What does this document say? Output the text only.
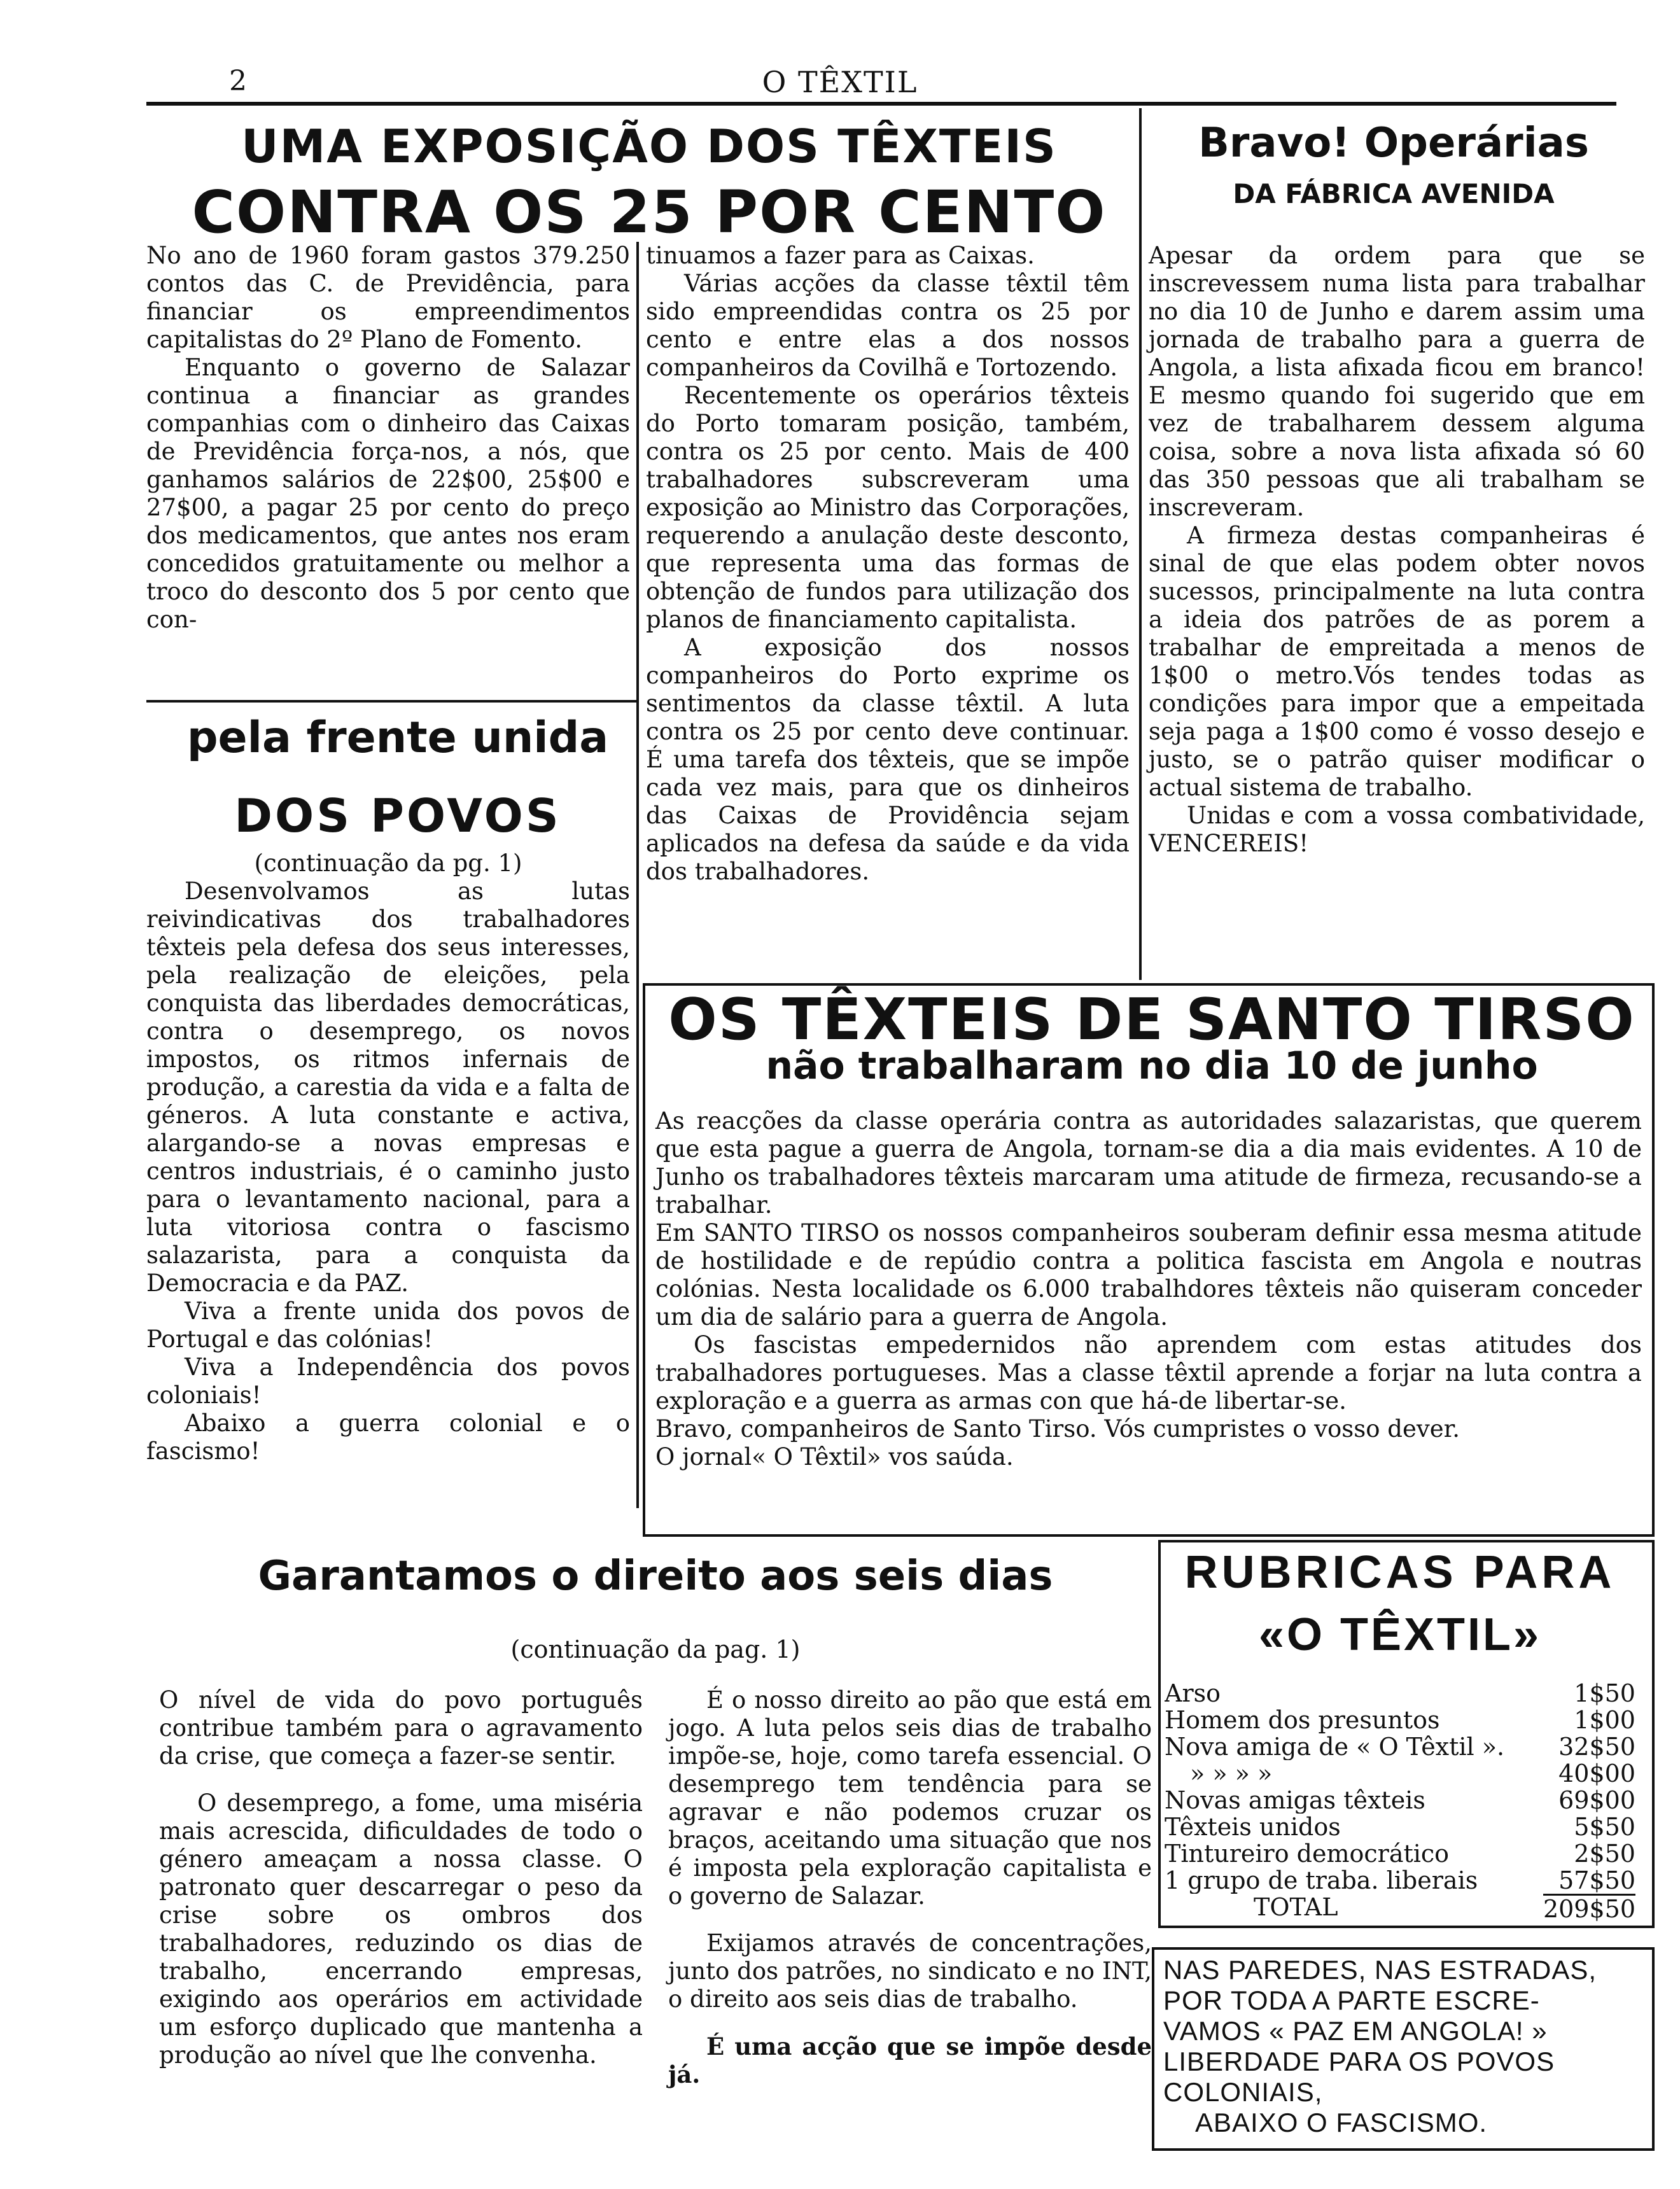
2	O TÊXTIL
UMA EXPOSIÇÃO DOS TÊXTEIS
CONTRA OS 25 POR CENTO

No ano de 1960 foram gastos 379.250 contos das C. de Previdência, para financiar os empreendimentos capitalistas do 2º Plano de Fomento.

Enquanto o governo de Salazar continua a financiar as grandes companhias com o dinheiro das Caixas de Previdência força-nos, a nós, que ganhamos salários de 22$00, 25$00 e 27$00, a pagar 25 por cento do preço dos medicamentos, que antes nos eram concedidos gratuitamente ou melhor a troco do desconto dos 5 por cento que con-

tinuamos a fazer para as Caixas.

Várias acções da classe têxtil têm sido empreendidas contra os 25 por cento e entre elas a dos nossos companheiros da Covilhã e Tortozendo.

Recentemente os operários têxteis do Porto tomaram posição, também, contra os 25 por cento. Mais de 400 trabalhadores subscreveram uma exposição ao Ministro das Corporações, requerendo a anulação deste desconto, que representa uma das formas de obtenção de fundos para utilização dos planos de financiamento capitalista.

A exposição dos nossos companheiros do Porto exprime os sentimentos da classe têxtil. A luta contra os 25 por cento deve continuar. É uma tarefa dos têxteis, que se impõe cada vez mais, para que os dinheiros das Caixas de Providência sejam aplicados na defesa da saúde e da vida dos trabalhadores.

Bravo! Operárias
DA FÁBRICA AVENIDA

Apesar da ordem para que se inscrevessem numa lista para trabalhar no dia 10 de Junho e darem assim uma jornada de trabalho para a guerra de Angola, a lista afixada ficou em branco! E mesmo quando foi sugerido que em vez de trabalharem dessem alguma coisa, sobre a nova lista afixada só 60 das 350 pessoas que ali trabalham se inscreveram.

A firmeza destas companheiras é sinal de que elas podem obter novos sucessos, principalmente na luta contra a ideia dos patrões de as porem a trabalhar de empreitada a menos de 1$00 o metro.Vós tendes todas as condições para impor que a empeitada seja paga a 1$00 como é vosso desejo e justo, se o patrão quiser modificar o actual sistema de trabalho.

Unidas e com a vossa combatividade, VENCEREIS!

pela frente unida
DOS POVOS

(continuação da pg. 1)

Desenvolvamos as lutas reivindicativas dos trabalhadores têxteis pela defesa dos seus interesses, pela realização de eleições, pela conquista das liberdades democráticas, contra o desemprego, os novos impostos, os ritmos infernais de produção, a carestia da vida e a falta de géneros. A luta constante e activa, alargando-se a novas empresas e centros industriais, é o caminho justo para o levantamento nacional, para a luta vitoriosa contra o fascismo salazarista, para a conquista da Democracia e da PAZ.

Viva a frente unida dos povos de Portugal e das colónias!

Viva a Independência dos povos coloniais!

Abaixo a guerra colonial e o fascismo!

OS TÊXTEIS DE SANTO TIRSO
não trabalharam no dia 10 de junho

As reacções da classe operária contra as autoridades salazaristas, que querem que esta pague a guerra de Angola, tornam-se dia a dia mais evidentes. A 10 de Junho os trabalhadores têxteis marcaram uma atitude de firmeza, recusando-se a trabalhar.

Em SANTO TIRSO os nossos companheiros souberam definir essa mesma atitude de hostilidade e de repúdio contra a politica fascista em Angola e noutras colónias. Nesta localidade os 6.000 trabalhdores têxteis não quiseram conceder um dia de salário para a guerra de Angola.

Os fascistas empedernidos não aprendem com estas atitudes dos trabalhadores portugueses. Mas a classe têxtil aprende a forjar na luta contra a exploração e a guerra as armas con que há-de libertar-se.

Bravo, companheiros de Santo Tirso. Vós cumpristes o vosso dever.

O jornal« O Têxtil» vos saúda.

Garantamos o direito aos seis dias
(continuação da pag. 1)

O nível de vida do povo português contribue também para o agravamento da crise, que começa a fazer-se sentir.

O desemprego, a fome, uma miséria mais acrescida, dificuldades de todo o género ameaçam a nossa classe. O patronato quer descarregar o peso da crise sobre os ombros dos trabalhadores, reduzindo os dias de trabalho, encerrando empresas, exigindo aos operários em actividade um esforço duplicado que mantenha a produção ao nível que lhe convenha.

É o nosso direito ao pão que está em jogo. A luta pelos seis dias de trabalho impõe-se, hoje, como tarefa essencial. O desemprego tem tendência para se agravar e não podemos cruzar os braços, aceitando uma situação que nos é imposta pela exploração capitalista e o governo de Salazar.

Exijamos através de concentrações, junto dos patrões, no sindicato e no INT, o direito aos seis dias de trabalho.

É uma acção que se impõe desde já.

RUBRICAS PARA
«O TÊXTIL»
Arso	1$50
Homem dos presuntos	1$00
Nova amiga de « O Têxtil ». 32$50
» » » »	40$00
Novas amigas têxteis	69$00
Têxteis unidos	5$50
Tintureiro democrático	2$50
1 grupo de traba. liberais	57$50
TOTAL	209$50
NAS PAREDES, NAS ESTRADAS,
POR TODA A PARTE ESCRE-
VAMOS « PAZ EM ANGOLA! »
LIBERDADE PARA OS POVOS
COLONIAIS,
ABAIXO O FASCISMO.
